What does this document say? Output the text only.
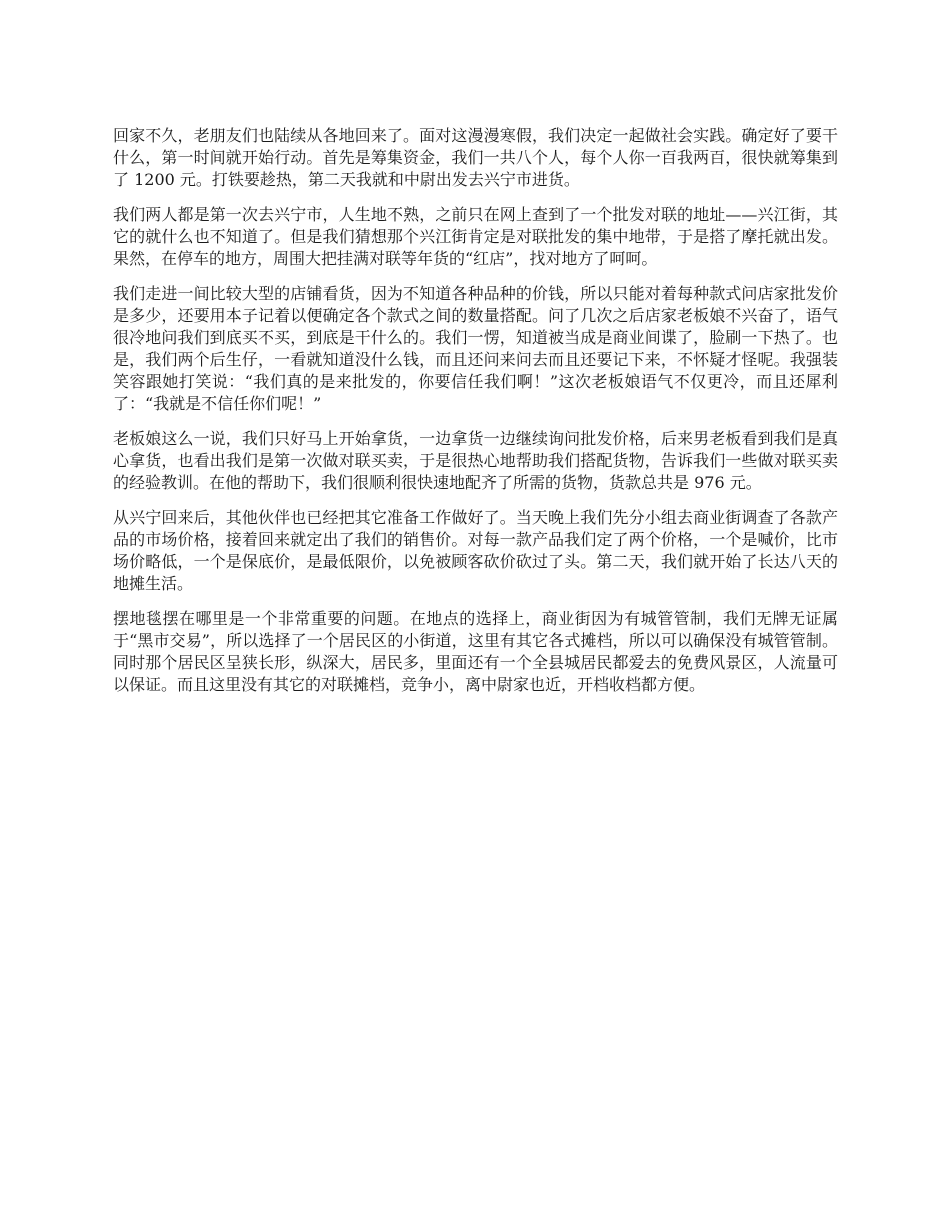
回家不久，老朋友们也陆续从各地回来了。面对这漫漫寒假，我们决定一起做社会实践。确定好了要干什么，第一时间就开始行动。首先是筹集资金，我们一共八个人，每个人你一百我两百，很快就筹集到了 1200 元。打铁要趁热，第二天我就和中尉出发去兴宁市进货。

我们两人都是第一次去兴宁市，人生地不熟，之前只在网上查到了一个批发对联的地址——兴江街，其它的就什么也不知道了。但是我们猜想那个兴江街肯定是对联批发的集中地带，于是搭了摩托就出发。果然，在停车的地方，周围大把挂满对联等年货的“红店”，找对地方了呵呵。

我们走进一间比较大型的店铺看货，因为不知道各种品种的价钱，所以只能对着每种款式问店家批发价是多少，还要用本子记着以便确定各个款式之间的数量搭配。问了几次之后店家老板娘不兴奋了，语气很冷地问我们到底买不买，到底是干什么的。我们一愣，知道被当成是商业间谍了，脸刷一下热了。也是，我们两个后生仔，一看就知道没什么钱，而且还问来问去而且还要记下来，不怀疑才怪呢。我强装笑容跟她打笑说：“我们真的是来批发的，你要信任我们啊！”这次老板娘语气不仅更冷，而且还犀利了：“我就是不信任你们呢！”

老板娘这么一说，我们只好马上开始拿货，一边拿货一边继续询问批发价格，后来男老板看到我们是真心拿货，也看出我们是第一次做对联买卖，于是很热心地帮助我们搭配货物，告诉我们一些做对联买卖的经验教训。在他的帮助下，我们很顺利很快速地配齐了所需的货物，货款总共是 976 元。

从兴宁回来后，其他伙伴也已经把其它准备工作做好了。当天晚上我们先分小组去商业街调查了各款产品的市场价格，接着回来就定出了我们的销售价。对每一款产品我们定了两个价格，一个是喊价，比市场价略低，一个是保底价，是最低限价，以免被顾客砍价砍过了头。第二天，我们就开始了长达八天的地摊生活。

摆地毯摆在哪里是一个非常重要的问题。在地点的选择上，商业街因为有城管管制，我们无牌无证属于“黑市交易”，所以选择了一个居民区的小街道，这里有其它各式摊档，所以可以确保没有城管管制。同时那个居民区呈狭长形，纵深大，居民多，里面还有一个全县城居民都爱去的免费风景区，人流量可以保证。而且这里没有其它的对联摊档，竞争小，离中尉家也近，开档收档都方便。
